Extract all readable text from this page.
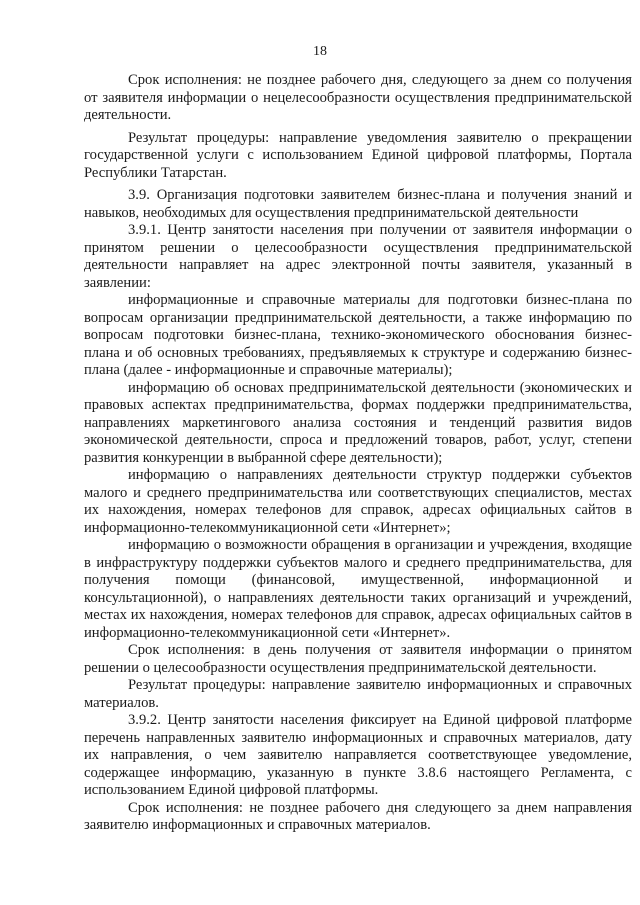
18

Срок исполнения: не позднее рабочего дня, следующего за днем со получения от заявителя информации о нецелесообразности осуществления предпринимательской деятельности.

Результат процедуры: направление уведомления заявителю о прекращении государственной услуги с использованием Единой цифровой платформы, Портала Республики Татарстан.

3.9. Организация подготовки заявителем бизнес-плана и получения знаний и навыков, необходимых для осуществления предпринимательской деятельности

3.9.1. Центр занятости населения при получении от заявителя информации о принятом решении о целесообразности осуществления предпринимательской деятельности направляет на адрес электронной почты заявителя, указанный в заявлении:

информационные и справочные материалы для подготовки бизнес-плана по вопросам организации предпринимательской деятельности, а также информацию по вопросам подготовки бизнес-плана, технико-экономического обоснования бизнес-плана и об основных требованиях, предъявляемых к структуре и содержанию бизнес-плана (далее - информационные и справочные материалы);

информацию об основах предпринимательской деятельности (экономических и правовых аспектах предпринимательства, формах поддержки предпринимательства, направлениях маркетингового анализа состояния и тенденций развития видов экономической деятельности, спроса и предложений товаров, работ, услуг, степени развития конкуренции в выбранной сфере деятельности);

информацию о направлениях деятельности структур поддержки субъектов малого и среднего предпринимательства или соответствующих специалистов, местах их нахождения, номерах телефонов для справок, адресах официальных сайтов в информационно-телекоммуникационной сети «Интернет»;

информацию о возможности обращения в организации и учреждения, входящие в инфраструктуру поддержки субъектов малого и среднего предпринимательства, для получения помощи (финансовой, имущественной, информационной и консультационной), о направлениях деятельности таких организаций и учреждений, местах их нахождения, номерах телефонов для справок, адресах официальных сайтов в информационно-телекоммуникационной сети «Интернет».

Срок исполнения: в день получения от заявителя информации о принятом решении о целесообразности осуществления предпринимательской деятельности.

Результат процедуры: направление заявителю информационных и справочных материалов.

3.9.2. Центр занятости населения фиксирует на Единой цифровой платформе перечень направленных заявителю информационных и справочных материалов, дату их направления, о чем заявителю направляется соответствующее уведомление, содержащее информацию, указанную в пункте 3.8.6 настоящего Регламента, с использованием Единой цифровой платформы.

Срок исполнения: не позднее рабочего дня следующего за днем направления заявителю информационных и справочных материалов.
